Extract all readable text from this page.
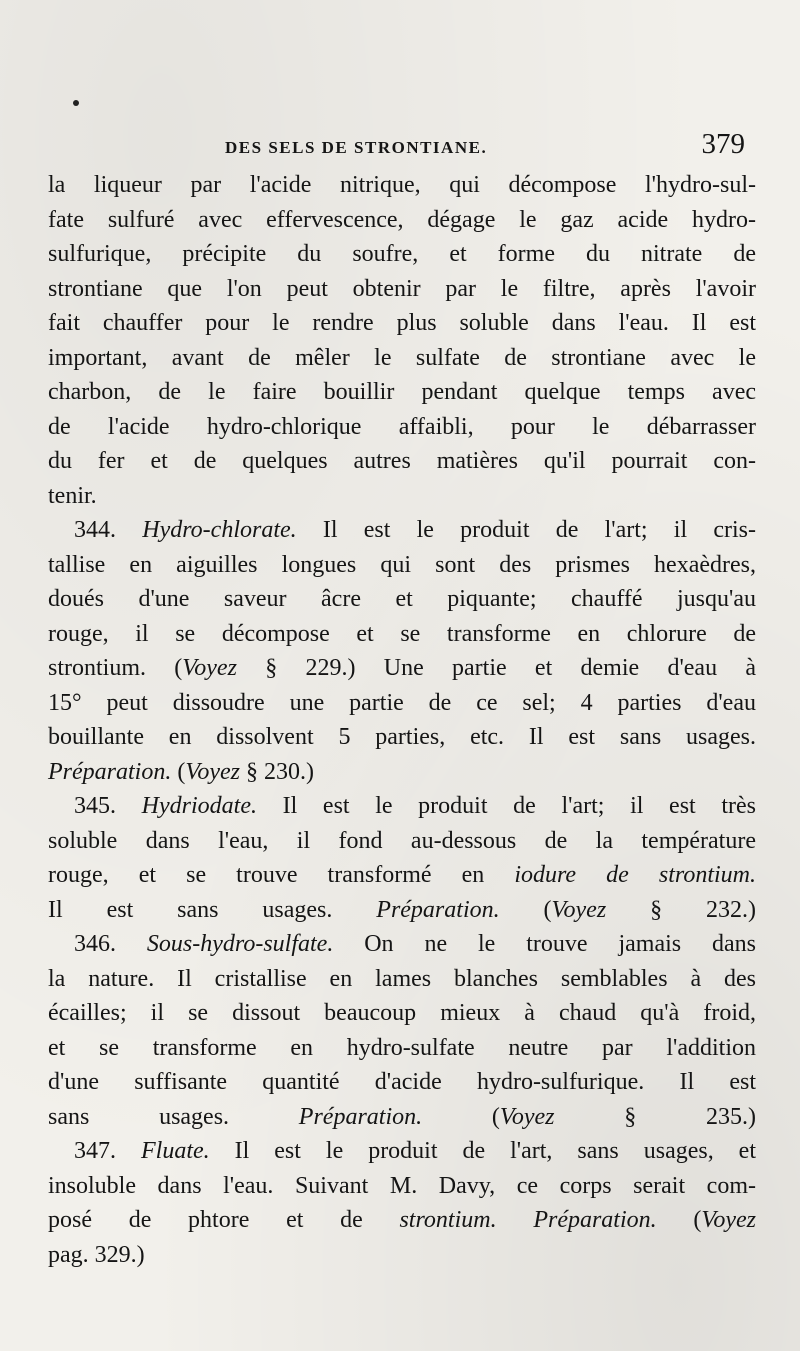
DES SELS DE STRONTIANE.	379
la liqueur par l'acide nitrique, qui décompose l'hydro-sul-
fate sulfuré avec effervescence, dégage le gaz acide hydro-
sulfurique, précipite du soufre, et forme du nitrate de
strontiane que l'on peut obtenir par le filtre, après l'avoir
fait chauffer pour le rendre plus soluble dans l'eau. Il est
important, avant de mêler le sulfate de strontiane avec le
charbon, de le faire bouillir pendant quelque temps avec
de l'acide hydro-chlorique affaibli, pour le débarrasser
du fer et de quelques autres matières qu'il pourrait con-
tenir.
344. Hydro-chlorate. Il est le produit de l'art; il cris-
tallise en aiguilles longues qui sont des prismes hexaèdres,
doués d'une saveur âcre et piquante; chauffé jusqu'au
rouge, il se décompose et se transforme en chlorure de
strontium. (Voyez § 229.) Une partie et demie d'eau à
15° peut dissoudre une partie de ce sel; 4 parties d'eau
bouillante en dissolvent 5 parties, etc. Il est sans usages.
Préparation. (Voyez § 230.)
345. Hydriodate. Il est le produit de l'art; il est très
soluble dans l'eau, il fond au-dessous de la température
rouge, et se trouve transformé en iodure de strontium.
Il est sans usages. Préparation. (Voyez § 232.)
346. Sous-hydro-sulfate. On ne le trouve jamais dans
la nature. Il cristallise en lames blanches semblables à des
écailles; il se dissout beaucoup mieux à chaud qu'à froid,
et se transforme en hydro-sulfate neutre par l'addition
d'une suffisante quantité d'acide hydro-sulfurique. Il est
sans usages. Préparation. (Voyez § 235.)
347. Fluate. Il est le produit de l'art, sans usages, et
insoluble dans l'eau. Suivant M. Davy, ce corps serait com-
posé de phtore et de strontium. Préparation. (Voyez
pag. 329.)
